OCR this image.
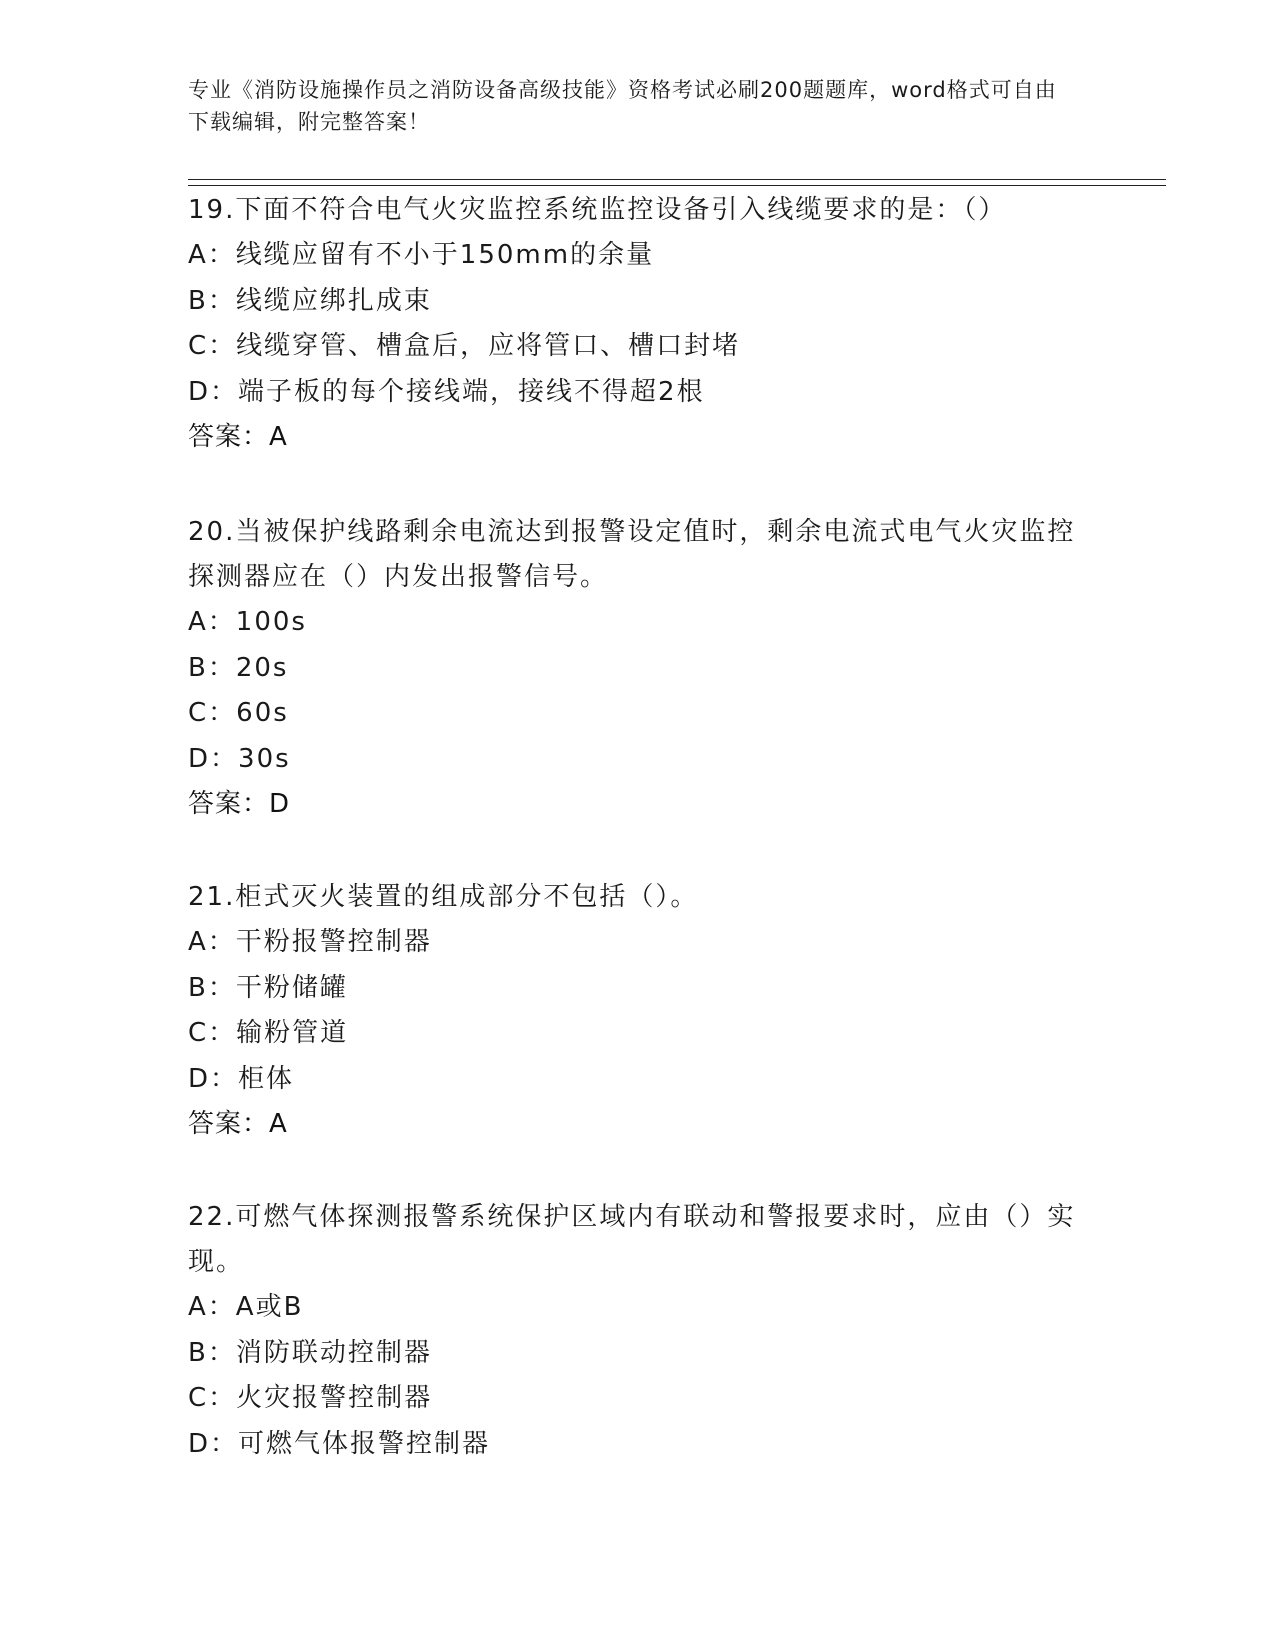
专业《消防设施操作员之消防设备高级技能》资格考试必刷200题题库，word格式可自由下载编辑，附完整答案！
19.下面不符合电气火灾监控系统监控设备引入线缆要求的是：（）
A：线缆应留有不小于150mm的余量
B：线缆应绑扎成束
C：线缆穿管、槽盒后，应将管口、槽口封堵
D：端子板的每个接线端，接线不得超2根
答案：A
20.当被保护线路剩余电流达到报警设定值时，剩余电流式电气火灾监控探测器应在（）内发出报警信号。
A：100s
B：20s
C：60s
D：30s
答案：D
21.柜式灭火装置的组成部分不包括（）。
A：干粉报警控制器
B：干粉储罐
C：输粉管道
D：柜体
答案：A
22.可燃气体探测报警系统保护区域内有联动和警报要求时，应由（）实现。
A：A或B
B：消防联动控制器
C：火灾报警控制器
D：可燃气体报警控制器
